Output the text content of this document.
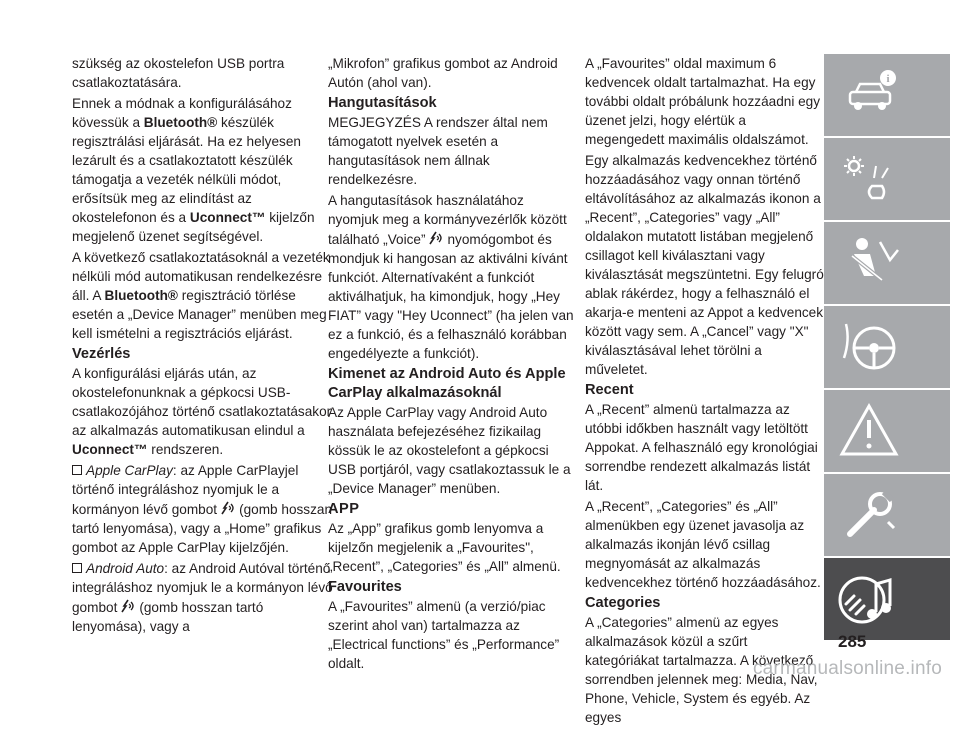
szükség az okostelefon USB portra csatlakoztatására.

Ennek a módnak a konfigurálásához kövessük a Bluetooth® készülék regisztrálási eljárását. Ha ez helyesen lezárult és a csatlakoztatott készülék támogatja a vezeték nélküli módot, erősítsük meg az elindítást az okostelefonon és a Uconnect™ kijelzőn megjelenő üzenet segítségével.

A következő csatlakoztatásoknál a vezeték nélküli mód automatikusan rendelkezésre áll. A Bluetooth® regisztráció törlése esetén a „Device Manager” menüben meg kell ismételni a regisztrációs eljárást.

Vezérlés

A konfigurálási eljárás után, az okostelefonunknak a gépkocsi USB-csatlakozójához történő csatlakoztatásakor az alkalmazás automatikusan elindul a Uconnect™ rendszeren.

Apple CarPlay: az Apple CarPlayjel történő integráláshoz nyomjuk le a kormányon lévő gombot (gomb hosszan tartó lenyomása), vagy a „Home” grafikus gombot az Apple CarPlay kijelzőjén.

Android Auto: az Android Autóval történő integráláshoz nyomjuk le a kormányon lévő gombot (gomb hosszan tartó lenyomása), vagy a

„Mikrofon” grafikus gombot az Android Autón (ahol van).

Hangutasítások

MEGJEGYZÉS A rendszer által nem támogatott nyelvek esetén a hangutasítások nem állnak rendelkezésre.

A hangutasítások használatához nyomjuk meg a kormányvezérlők között található „Voice” nyomógombot és mondjuk ki hangosan az aktiválni kívánt funkciót. Alternatívaként a funkciót aktiválhatjuk, ha kimondjuk, hogy „Hey FIAT” vagy "Hey Uconnect” (ha jelen van ez a funkció, és a felhasználó korábban engedélyezte a funkciót).

Kimenet az Android Auto és Apple CarPlay alkalmazásoknál

Az Apple CarPlay vagy Android Auto használata befejezéséhez fizikailag kössük le az okostelefont a gépkocsi USB portjáról, vagy csatlakoztassuk le a „Device Manager” menüben.

APP

Az „App” grafikus gomb lenyomva a kijelzőn megjelenik a „Favourites", „Recent”, „Categories” és „All” almenü.

Favourites

A „Favourites” almenü (a verzió/piac szerint ahol van) tartalmazza az „Electrical functions” és „Performance” oldalt.

A „Favourites” oldal maximum 6 kedvencek oldalt tartalmazhat. Ha egy további oldalt próbálunk hozzáadni egy üzenet jelzi, hogy elértük a megengedett maximális oldalszámot.

Egy alkalmazás kedvencekhez történő hozzáadásához vagy onnan történő eltávolításához az alkalmazás ikonon a „Recent”, „Categories” vagy „All” oldalakon mutatott listában megjelenő csillagot kell kiválasztani vagy kiválasztását megszüntetni. Egy felugró ablak rákérdez, hogy a felhasználó el akarja-e menteni az Appot a kedvencek között vagy sem. A „Cancel” vagy "X" kiválasztásával lehet törölni a műveletet.

Recent

A „Recent” almenü tartalmazza az utóbbi időkben használt vagy letöltött Appokat. A felhasználó egy kronológiai sorrendbe rendezett alkalmazás listát lát.

A „Recent”, „Categories” és „All” almenükben egy üzenet javasolja az alkalmazás ikonján lévő csillag megnyomását az alkalmazás kedvencekhez történő hozzáadásához.

Categories

A „Categories” almenü az egyes alkalmazások közül a szűrt kategóriákat tartalmazza. A következő sorrendben jelennek meg: Media, Nav, Phone, Vehicle, System és egyéb. Az egyes

i
285
carmanualsonline.info
